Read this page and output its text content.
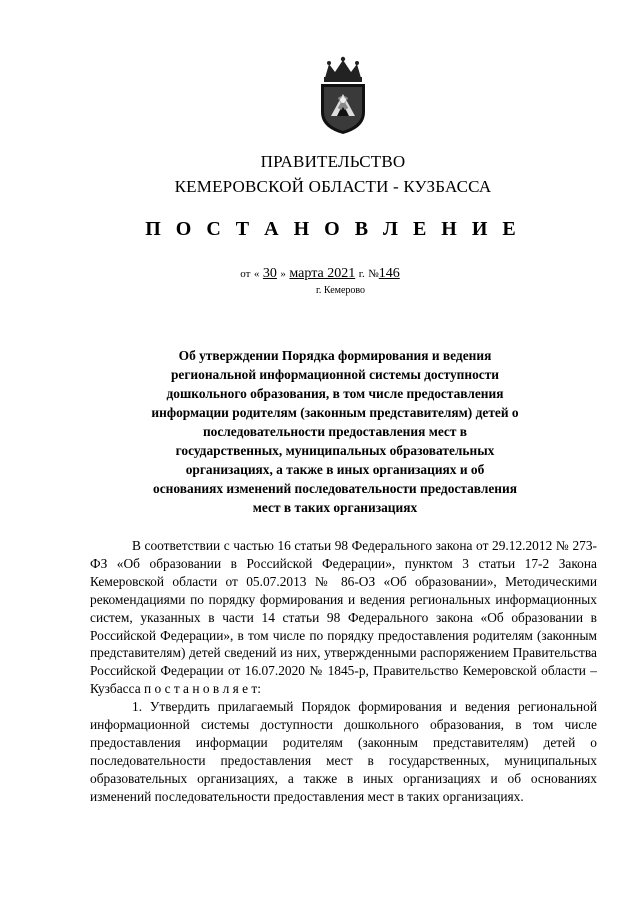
ПРАВИТЕЛЬСТВО
КЕМЕРОВСКОЙ ОБЛАСТИ - КУЗБАССА
П О С Т А Н О В Л Е Н И Е
от « 30 » марта 2021 г. №146
г. Кемерово
Об утверждении Порядка формирования и ведения региональной информационной системы доступности дошкольного образования, в том числе предоставления информации родителям (законным представителям) детей о последовательности предоставления мест в государственных, муниципальных образовательных организациях, а также в иных организациях и об основаниях изменений последовательности предоставления мест в таких организациях

В соответствии с частью 16 статьи 98 Федерального закона от 29.12.2012 № 273-ФЗ «Об образовании в Российской Федерации», пунктом 3 статьи 17-2 Закона Кемеровской области от 05.07.2013 № 86-ОЗ «Об образовании», Методическими рекомендациями по порядку формирования и ведения региональных информационных систем, указанных в части 14 статьи 98 Федерального закона «Об образовании в Российской Федерации», в том числе по порядку предоставления родителям (законным представителям) детей сведений из них, утвержденными распоряжением Правительства Российской Федерации от 16.07.2020 № 1845-р, Правительство Кемеровской области – Кузбасса п о с т а н о в л я е т:

1. Утвердить прилагаемый Порядок формирования и ведения региональной информационной системы доступности дошкольного образования, в том числе предоставления информации родителям (законным представителям) детей о последовательности предоставления мест в государственных, муниципальных образовательных организациях, а также в иных организациях и об основаниях изменений последовательности предоставления мест в таких организациях.
